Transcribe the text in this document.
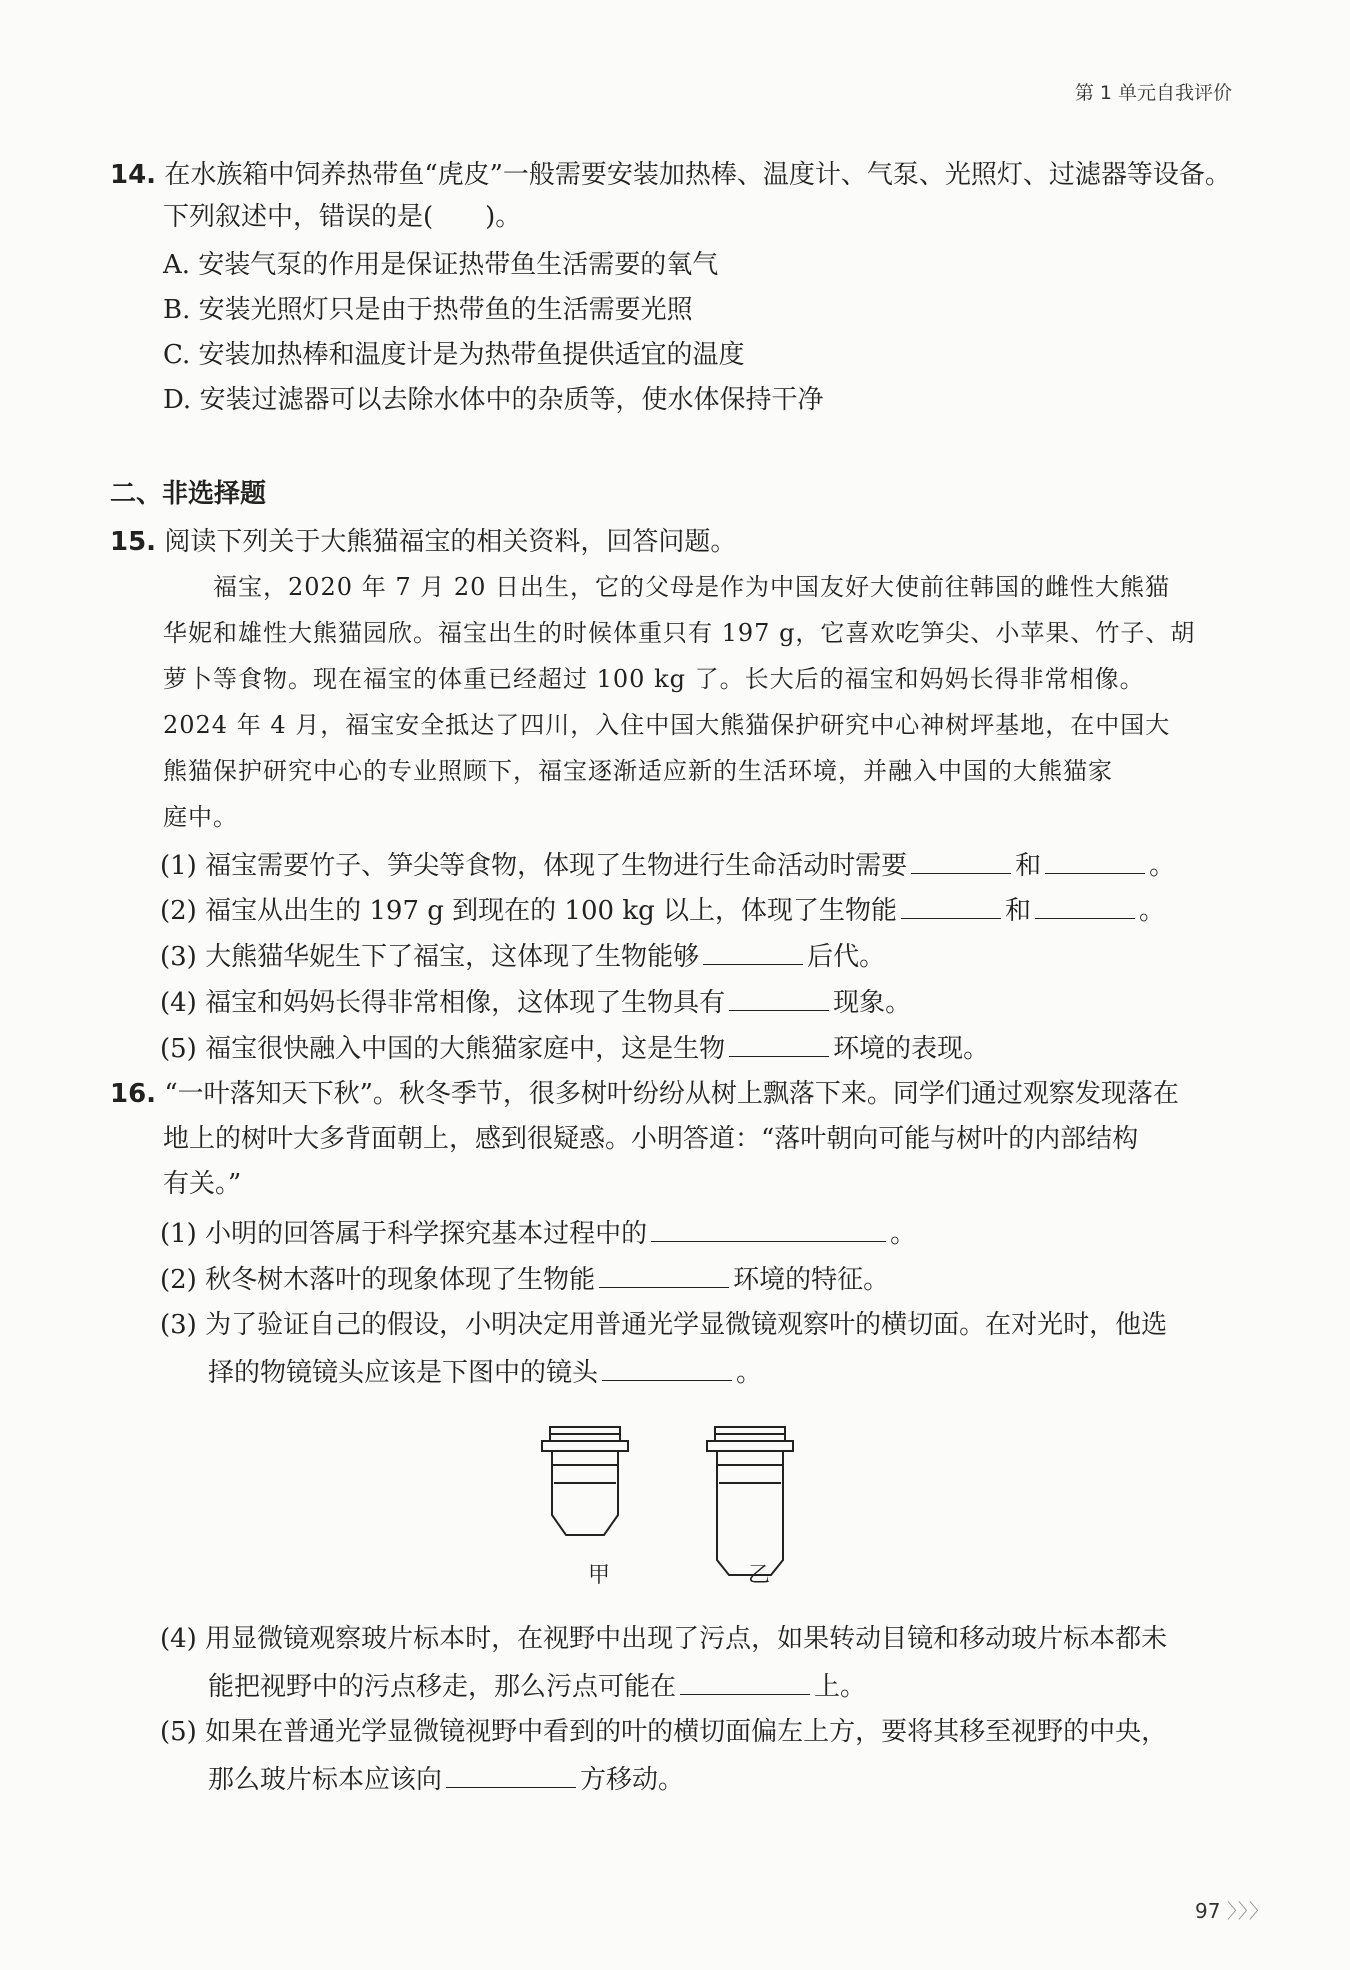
第 1 单元自我评价
14. 在水族箱中饲养热带鱼“虎皮”一般需要安装加热棒、温度计、气泵、光照灯、过滤器等设备。
下列叙述中，错误的是(　　)。
A. 安装气泵的作用是保证热带鱼生活需要的氧气
B. 安装光照灯只是由于热带鱼的生活需要光照
C. 安装加热棒和温度计是为热带鱼提供适宜的温度
D. 安装过滤器可以去除水体中的杂质等，使水体保持干净
二、非选择题
15. 阅读下列关于大熊猫福宝的相关资料，回答问题。
福宝，2020 年 7 月 20 日出生，它的父母是作为中国友好大使前往韩国的雌性大熊猫
华妮和雄性大熊猫园欣。福宝出生的时候体重只有 197 g，它喜欢吃笋尖、小苹果、竹子、胡
萝卜等食物。现在福宝的体重已经超过 100 kg 了。长大后的福宝和妈妈长得非常相像。
2024 年 4 月，福宝安全抵达了四川，入住中国大熊猫保护研究中心神树坪基地，在中国大
熊猫保护研究中心的专业照顾下，福宝逐渐适应新的生活环境，并融入中国的大熊猫家
庭中。
(1) 福宝需要竹子、笋尖等食物，体现了生物进行生命活动时需要	和	。
(2) 福宝从出生的 197 g 到现在的 100 kg 以上，体现了生物能	和	。
(3) 大熊猫华妮生下了福宝，这体现了生物能够	后代。
(4) 福宝和妈妈长得非常相像，这体现了生物具有	现象。
(5) 福宝很快融入中国的大熊猫家庭中，这是生物	环境的表现。
16. “一叶落知天下秋”。秋冬季节，很多树叶纷纷从树上飘落下来。同学们通过观察发现落在
地上的树叶大多背面朝上，感到很疑惑。小明答道：“落叶朝向可能与树叶的内部结构
有关。”
(1) 小明的回答属于科学探究基本过程中的	。
(2) 秋冬树木落叶的现象体现了生物能	环境的特征。
(3) 为了验证自己的假设，小明决定用普通光学显微镜观察叶的横切面。在对光时，他选
择的物镜镜头应该是下图中的镜头	。
甲	乙
(4) 用显微镜观察玻片标本时，在视野中出现了污点，如果转动目镜和移动玻片标本都未
能把视野中的污点移走，那么污点可能在	上。
(5) 如果在普通光学显微镜视野中看到的叶的横切面偏左上方，要将其移至视野的中央，
那么玻片标本应该向	方移动。
97 〉〉〉
